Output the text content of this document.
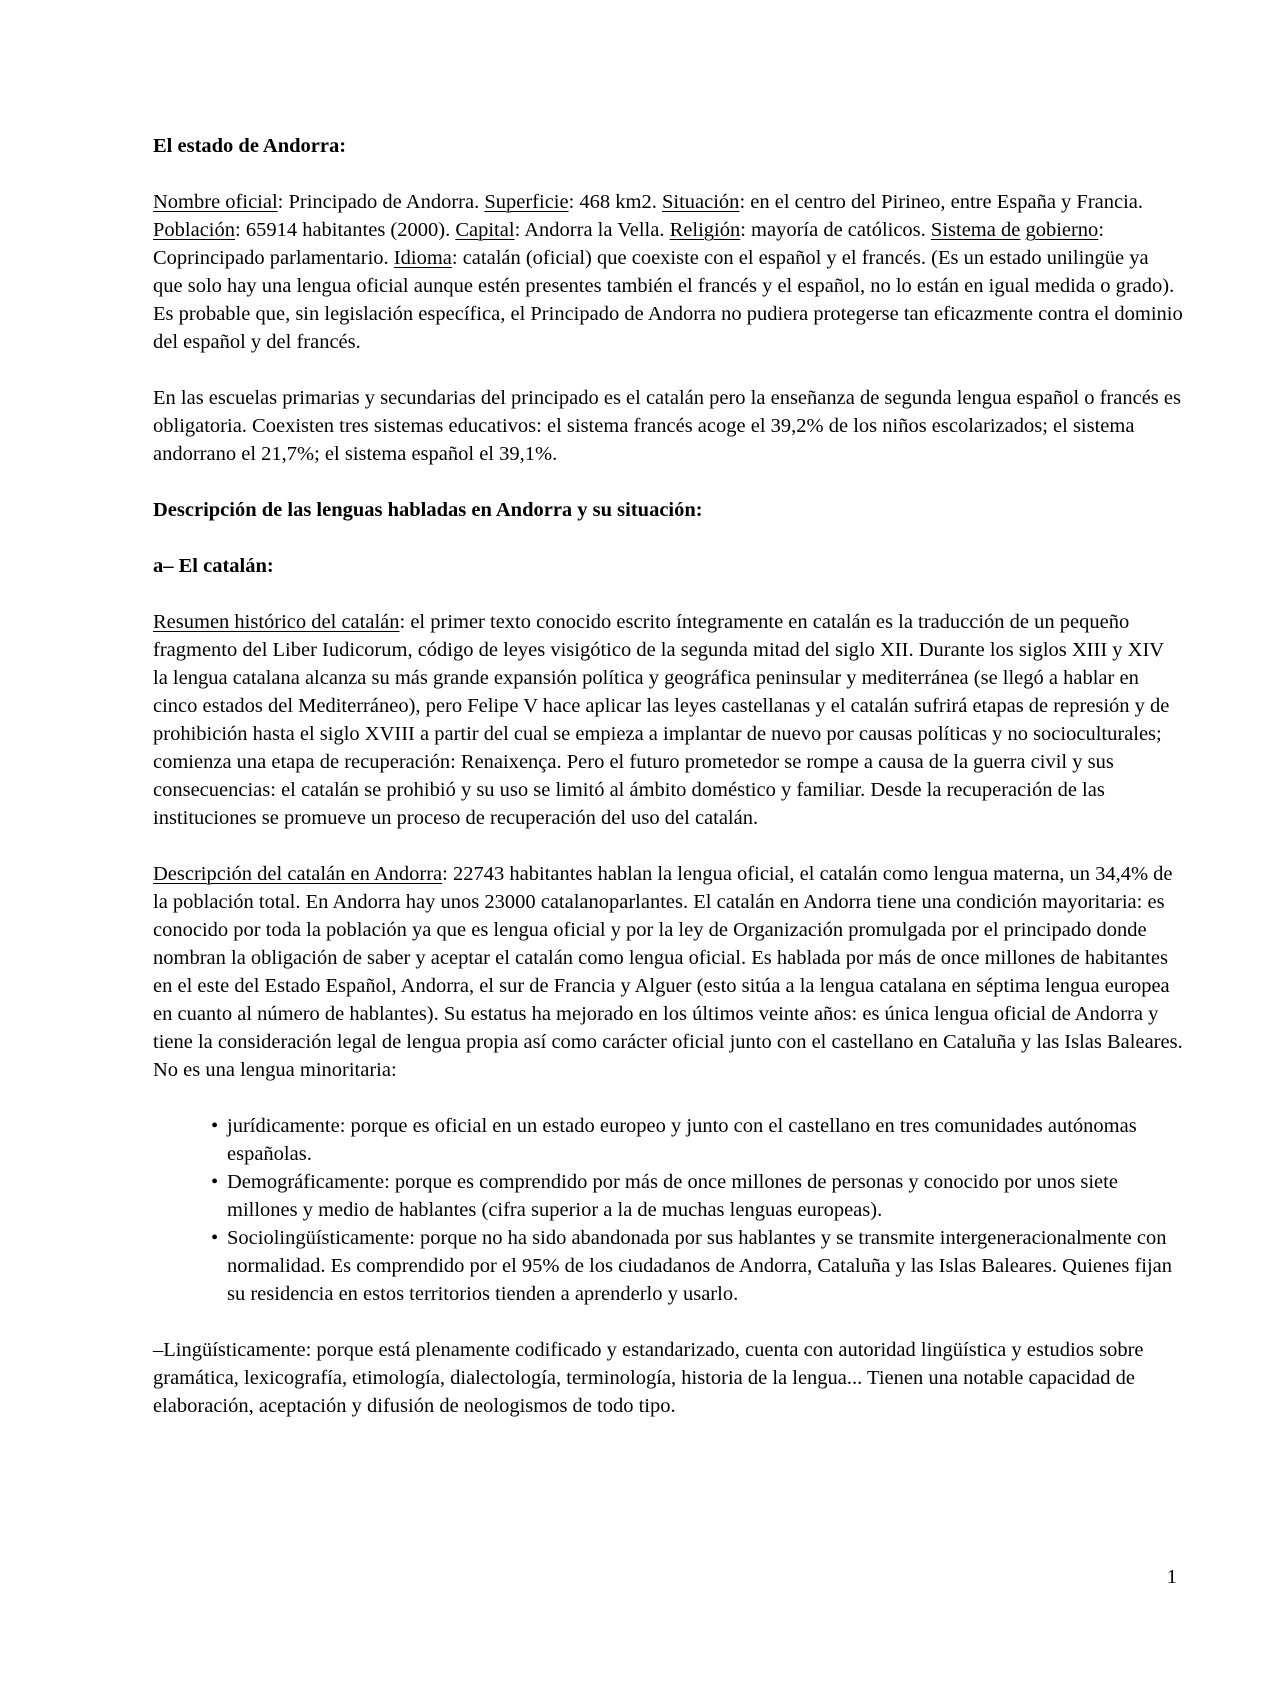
El estado de Andorra:

Nombre oficial: Principado de Andorra. Superficie: 468 km2. Situación: en el centro del Pirineo, entre España y Francia. Población: 65914 habitantes (2000). Capital: Andorra la Vella. Religión: mayoría de católicos. Sistema de gobierno: Coprincipado parlamentario. Idioma: catalán (oficial) que coexiste con el español y el francés. (Es un estado unilingüe ya que solo hay una lengua oficial aunque estén presentes también el francés y el español, no lo están en igual medida o grado). Es probable que, sin legislación específica, el Principado de Andorra no pudiera protegerse tan eficazmente contra el dominio del español y del francés.

En las escuelas primarias y secundarias del principado es el catalán pero la enseñanza de segunda lengua español o francés es obligatoria. Coexisten tres sistemas educativos: el sistema francés acoge el 39,2% de los niños escolarizados; el sistema andorrano el 21,7%; el sistema español el 39,1%.

Descripción de las lenguas habladas en Andorra y su situación:

a– El catalán:

Resumen histórico del catalán: el primer texto conocido escrito íntegramente en catalán es la traducción de un pequeño fragmento del Liber Iudicorum, código de leyes visigótico de la segunda mitad del siglo XII. Durante los siglos XIII y XIV la lengua catalana alcanza su más grande expansión política y geográfica peninsular y mediterránea (se llegó a hablar en cinco estados del Mediterráneo), pero Felipe V hace aplicar las leyes castellanas y el catalán sufrirá etapas de represión y de prohibición hasta el siglo XVIII a partir del cual se empieza a implantar de nuevo por causas políticas y no socioculturales; comienza una etapa de recuperación: Renaixença. Pero el futuro prometedor se rompe a causa de la guerra civil y sus consecuencias: el catalán se prohibió y su uso se limitó al ámbito doméstico y familiar. Desde la recuperación de las instituciones se promueve un proceso de recuperación del uso del catalán.

Descripción del catalán en Andorra: 22743 habitantes hablan la lengua oficial, el catalán como lengua materna, un 34,4% de la población total. En Andorra hay unos 23000 catalanoparlantes. El catalán en Andorra tiene una condición mayoritaria: es conocido por toda la población ya que es lengua oficial y por la ley de Organización promulgada por el principado donde nombran la obligación de saber y aceptar el catalán como lengua oficial. Es hablada por más de once millones de habitantes en el este del Estado Español, Andorra, el sur de Francia y Alguer (esto sitúa a la lengua catalana en séptima lengua europea en cuanto al número de hablantes). Su estatus ha mejorado en los últimos veinte años: es única lengua oficial de Andorra y tiene la consideración legal de lengua propia así como carácter oficial junto con el castellano en Cataluña y las Islas Baleares. No es una lengua minoritaria:

• jurídicamente: porque es oficial en un estado europeo y junto con el castellano en tres comunidades autónomas españolas.
• Demográficamente: porque es comprendido por más de once millones de personas y conocido por unos siete millones y medio de hablantes (cifra superior a la de muchas lenguas europeas).
• Sociolingüísticamente: porque no ha sido abandonada por sus hablantes y se transmite intergeneracionalmente con normalidad. Es comprendido por el 95% de los ciudadanos de Andorra, Cataluña y las Islas Baleares. Quienes fijan su residencia en estos territorios tienden a aprenderlo y usarlo.

–Lingüísticamente: porque está plenamente codificado y estandarizado, cuenta con autoridad lingüística y estudios sobre gramática, lexicografía, etimología, dialectología, terminología, historia de la lengua... Tienen una notable capacidad de elaboración, aceptación y difusión de neologismos de todo tipo.

1
